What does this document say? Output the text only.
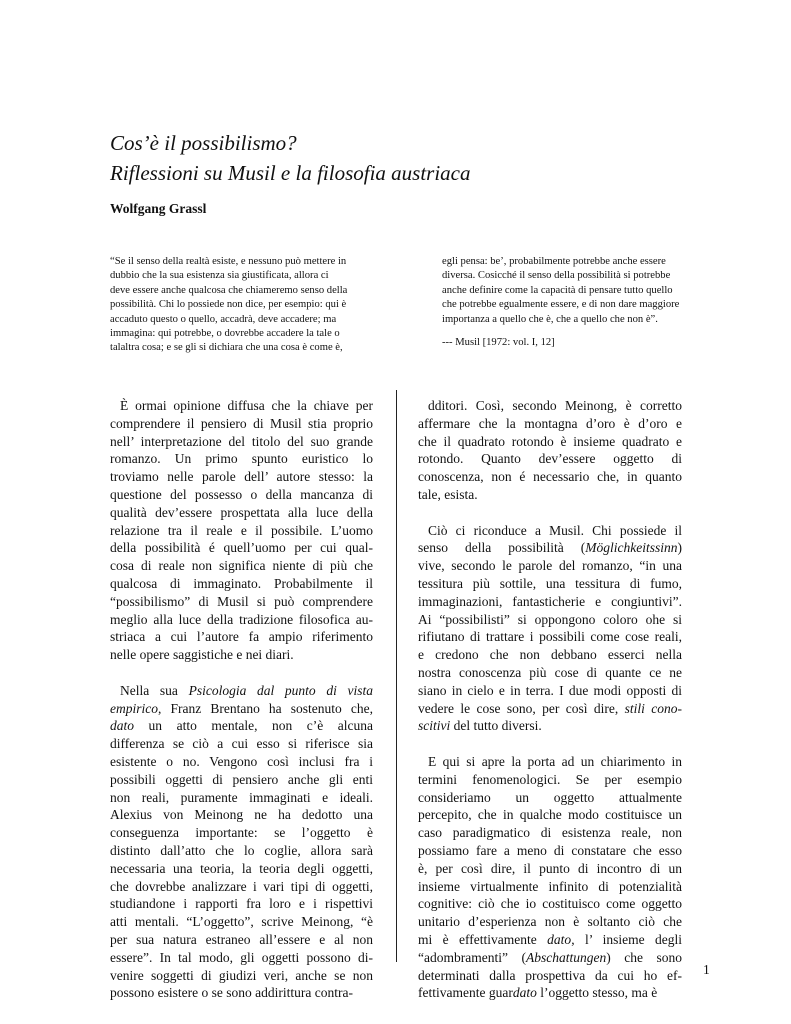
Cos’è il possibilismo?
Riflessioni su Musil e la filosofia austriaca
Wolfgang Grassl
“Se il senso della realtà esiste, e nessuno può mettere in
dubbio che la sua esistenza sia giustificata, allora ci
deve essere anche qualcosa che chiameremo senso della
possibilità. Chi lo possiede non dice, per esempio: qui è
accaduto questo o quello, accadrà, deve accadere; ma
immagina: qui potrebbe, o dovrebbe accadere la tale o
talaltra cosa; e se gli si dichiara che una cosa è come è,
egli pensa: be’, probabilmente potrebbe anche essere
diversa. Cosicché il senso della possibilità si potrebbe
anche definire come la capacità di pensare tutto quello
che potrebbe egualmente essere, e di non dare maggiore
importanza a quello che è, che a quello che non è”.
--- Musil [1972: vol. I, 12]
È ormai opinione diffusa che la chiave per
comprendere il pensiero di Musil stia proprio
nell’ interpretazione del titolo del suo grande
romanzo. Un primo spunto euristico lo
troviamo nelle parole dell’ autore stesso: la
questione del possesso o della mancanza di
qualità dev’essere prospettata alla luce della
relazione tra il reale e il possibile. L’uomo
della possibilità é quell’uomo per cui qual-
cosa di reale non significa niente di più che
qualcosa di immaginato. Probabilmente il
“possibilismo” di Musil si può comprendere
meglio alla luce della tradizione filosofica au-
striaca a cui l’autore fa ampio riferimento
nelle opere saggistiche e nei diari.
Nella sua Psicologia dal punto di vista
empirico, Franz Brentano ha sostenuto che,
dato un atto mentale, non c’è alcuna
differenza se ciò a cui esso si riferisce sia
esistente o no. Vengono così inclusi fra i
possibili oggetti di pensiero anche gli enti
non reali, puramente immaginati e ideali.
Alexius von Meinong ne ha dedotto una
conseguenza importante: se l’oggetto è
distinto dall’atto che lo coglie, allora sarà
necessaria una teoria, la teoria degli oggetti,
che dovrebbe analizzare i vari tipi di oggetti,
studiandone i rapporti fra loro e i rispettivi
atti mentali. “L’oggetto”, scrive Meinong, “è
per sua natura estraneo all’essere e al non
essere”. In tal modo, gli oggetti possono di-
venire soggetti di giudizi veri, anche se non
possono esistere o se sono addirittura contra-
dditori. Così, secondo Meinong, è corretto
affermare che la montagna d’oro è d’oro e
che il quadrato rotondo è insieme quadrato e
rotondo. Quanto dev’essere oggetto di
conoscenza, non é necessario che, in quanto
tale, esista.
Ciò ci riconduce a Musil. Chi possiede il
senso della possibilità (Möglichkeitssinn)
vive, secondo le parole del romanzo, “in una
tessitura più sottile, una tessitura di fumo,
immaginazioni, fantasticherie e congiuntivi”.
Ai “possibilisti” si oppongono coloro ohe si
rifiutano di trattare i possibili come cose reali,
e credono che non debbano esserci nella
nostra conoscenza più cose di quante ce ne
siano in cielo e in terra. I due modi opposti di
vedere le cose sono, per così dire, stili cono-
scitivi del tutto diversi.
E qui si apre la porta ad un chiarimento in
termini fenomenologici. Se per esempio
consideriamo un oggetto attualmente
percepito, che in qualche modo costituisce un
caso paradigmatico di esistenza reale, non
possiamo fare a meno di constatare che esso
è, per così dire, il punto di incontro di un
insieme virtualmente infinito di potenzialità
cognitive: ciò che io costituisco come oggetto
unitario d’esperienza non è soltanto ciò che
mi è effettivamente dato, l’ insieme degli
“adombramenti” (Abschattungen) che sono
determinati dalla prospettiva da cui ho ef-
fettivamente guardato l’oggetto stesso, ma è
1
